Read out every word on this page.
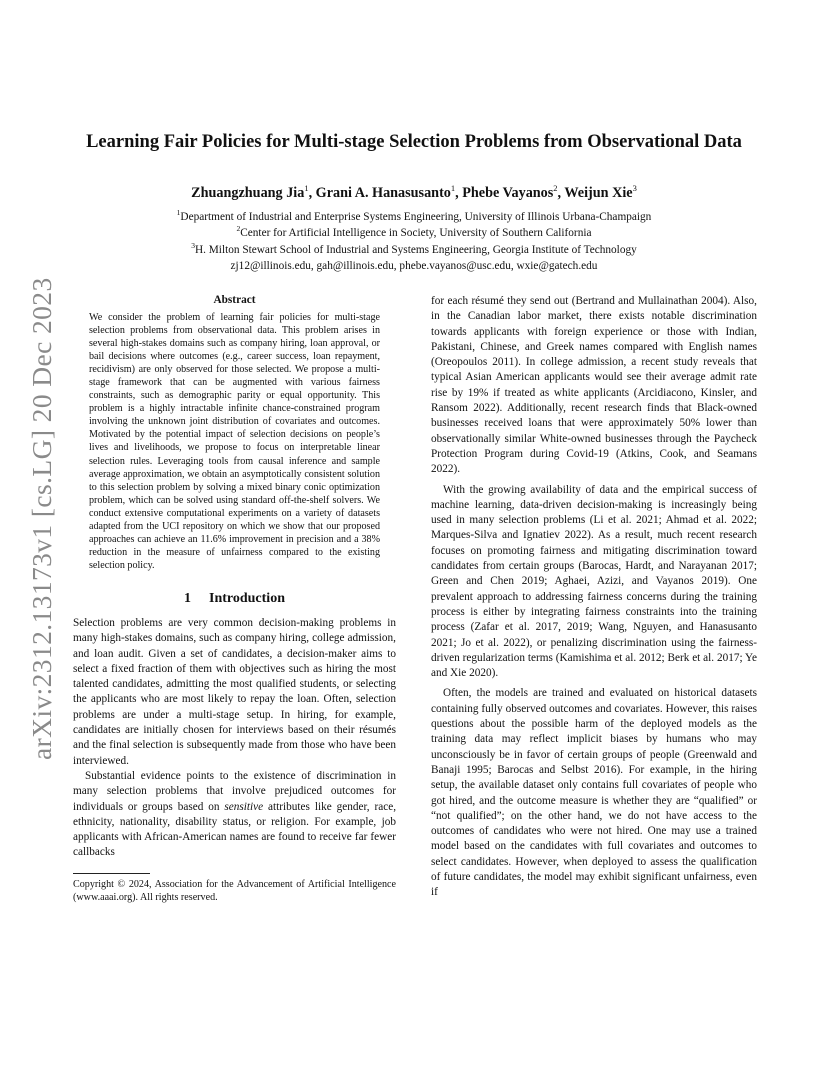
arXiv:2312.13173v1 [cs.LG] 20 Dec 2023
Learning Fair Policies for Multi-stage Selection Problems from Observational Data
Zhuangzhuang Jia$^1$, Grani A. Hanasusanto$^1$, Phebe Vayanos$^2$, Weijun Xie$^3$
$^1$Department of Industrial and Enterprise Systems Engineering, University of Illinois Urbana-Champaign
$^2$Center for Artificial Intelligence in Society, University of Southern California
$^3$H. Milton Stewart School of Industrial and Systems Engineering, Georgia Institute of Technology
zj12@illinois.edu, gah@illinois.edu, phebe.vayanos@usc.edu, wxie@gatech.edu
Abstract

We consider the problem of learning fair policies for multi-stage selection problems from observational data. This problem arises in several high-stakes domains such as company hiring, loan approval, or bail decisions where outcomes (e.g., career success, loan repayment, recidivism) are only observed for those selected. We propose a multi-stage framework that can be augmented with various fairness constraints, such as demographic parity or equal opportunity. This problem is a highly intractable infinite chance-constrained program involving the unknown joint distribution of covariates and outcomes. Motivated by the potential impact of selection decisions on people’s lives and livelihoods, we propose to focus on interpretable linear selection rules. Leveraging tools from causal inference and sample average approximation, we obtain an asymptotically consistent solution to this selection problem by solving a mixed binary conic optimization problem, which can be solved using standard off-the-shelf solvers. We conduct extensive computational experiments on a variety of datasets adapted from the UCI repository on which we show that our proposed approaches can achieve an 11.6% improvement in precision and a 38% reduction in the measure of unfairness compared to the existing selection policy.

1 Introduction

Selection problems are very common decision-making problems in many high-stakes domains, such as company hiring, college admission, and loan audit. Given a set of candidates, a decision-maker aims to select a fixed fraction of them with objectives such as hiring the most talented candidates, admitting the most qualified students, or selecting the applicants who are most likely to repay the loan. Often, selection problems are under a multi-stage setup. In hiring, for example, candidates are initially chosen for interviews based on their résumés and the final selection is subsequently made from those who have been interviewed.

Substantial evidence points to the existence of discrimination in many selection problems that involve prejudiced outcomes for individuals or groups based on sensitive attributes like gender, race, ethnicity, nationality, disability status, or religion. For example, job applicants with African-American names are found to receive far fewer callbacks

Copyright © 2024, Association for the Advancement of Artificial Intelligence (www.aaai.org). All rights reserved.

for each résumé they send out (Bertrand and Mullainathan 2004). Also, in the Canadian labor market, there exists notable discrimination towards applicants with foreign experience or those with Indian, Pakistani, Chinese, and Greek names compared with English names (Oreopoulos 2011). In college admission, a recent study reveals that typical Asian American applicants would see their average admit rate rise by 19% if treated as white applicants (Arcidiacono, Kinsler, and Ransom 2022). Additionally, recent research finds that Black-owned businesses received loans that were approximately 50% lower than observationally similar White-owned businesses through the Paycheck Protection Program during Covid-19 (Atkins, Cook, and Seamans 2022).

With the growing availability of data and the empirical success of machine learning, data-driven decision-making is increasingly being used in many selection problems (Li et al. 2021; Ahmad et al. 2022; Marques-Silva and Ignatiev 2022). As a result, much recent research focuses on promoting fairness and mitigating discrimination toward candidates from certain groups (Barocas, Hardt, and Narayanan 2017; Green and Chen 2019; Aghaei, Azizi, and Vayanos 2019). One prevalent approach to addressing fairness concerns during the training process is either by integrating fairness constraints into the training process (Zafar et al. 2017, 2019; Wang, Nguyen, and Hanasusanto 2021; Jo et al. 2022), or penalizing discrimination using the fairness-driven regularization terms (Kamishima et al. 2012; Berk et al. 2017; Ye and Xie 2020).

Often, the models are trained and evaluated on historical datasets containing fully observed outcomes and covariates. However, this raises questions about the possible harm of the deployed models as the training data may reflect implicit biases by humans who may unconsciously be in favor of certain groups of people (Greenwald and Banaji 1995; Barocas and Selbst 2016). For example, in the hiring setup, the available dataset only contains full covariates of people who got hired, and the outcome measure is whether they are “qualified” or “not qualified”; on the other hand, we do not have access to the outcomes of candidates who were not hired. One may use a trained model based on the candidates with full covariates and outcomes to select candidates. However, when deployed to assess the qualification of future candidates, the model may exhibit significant unfairness, even if
